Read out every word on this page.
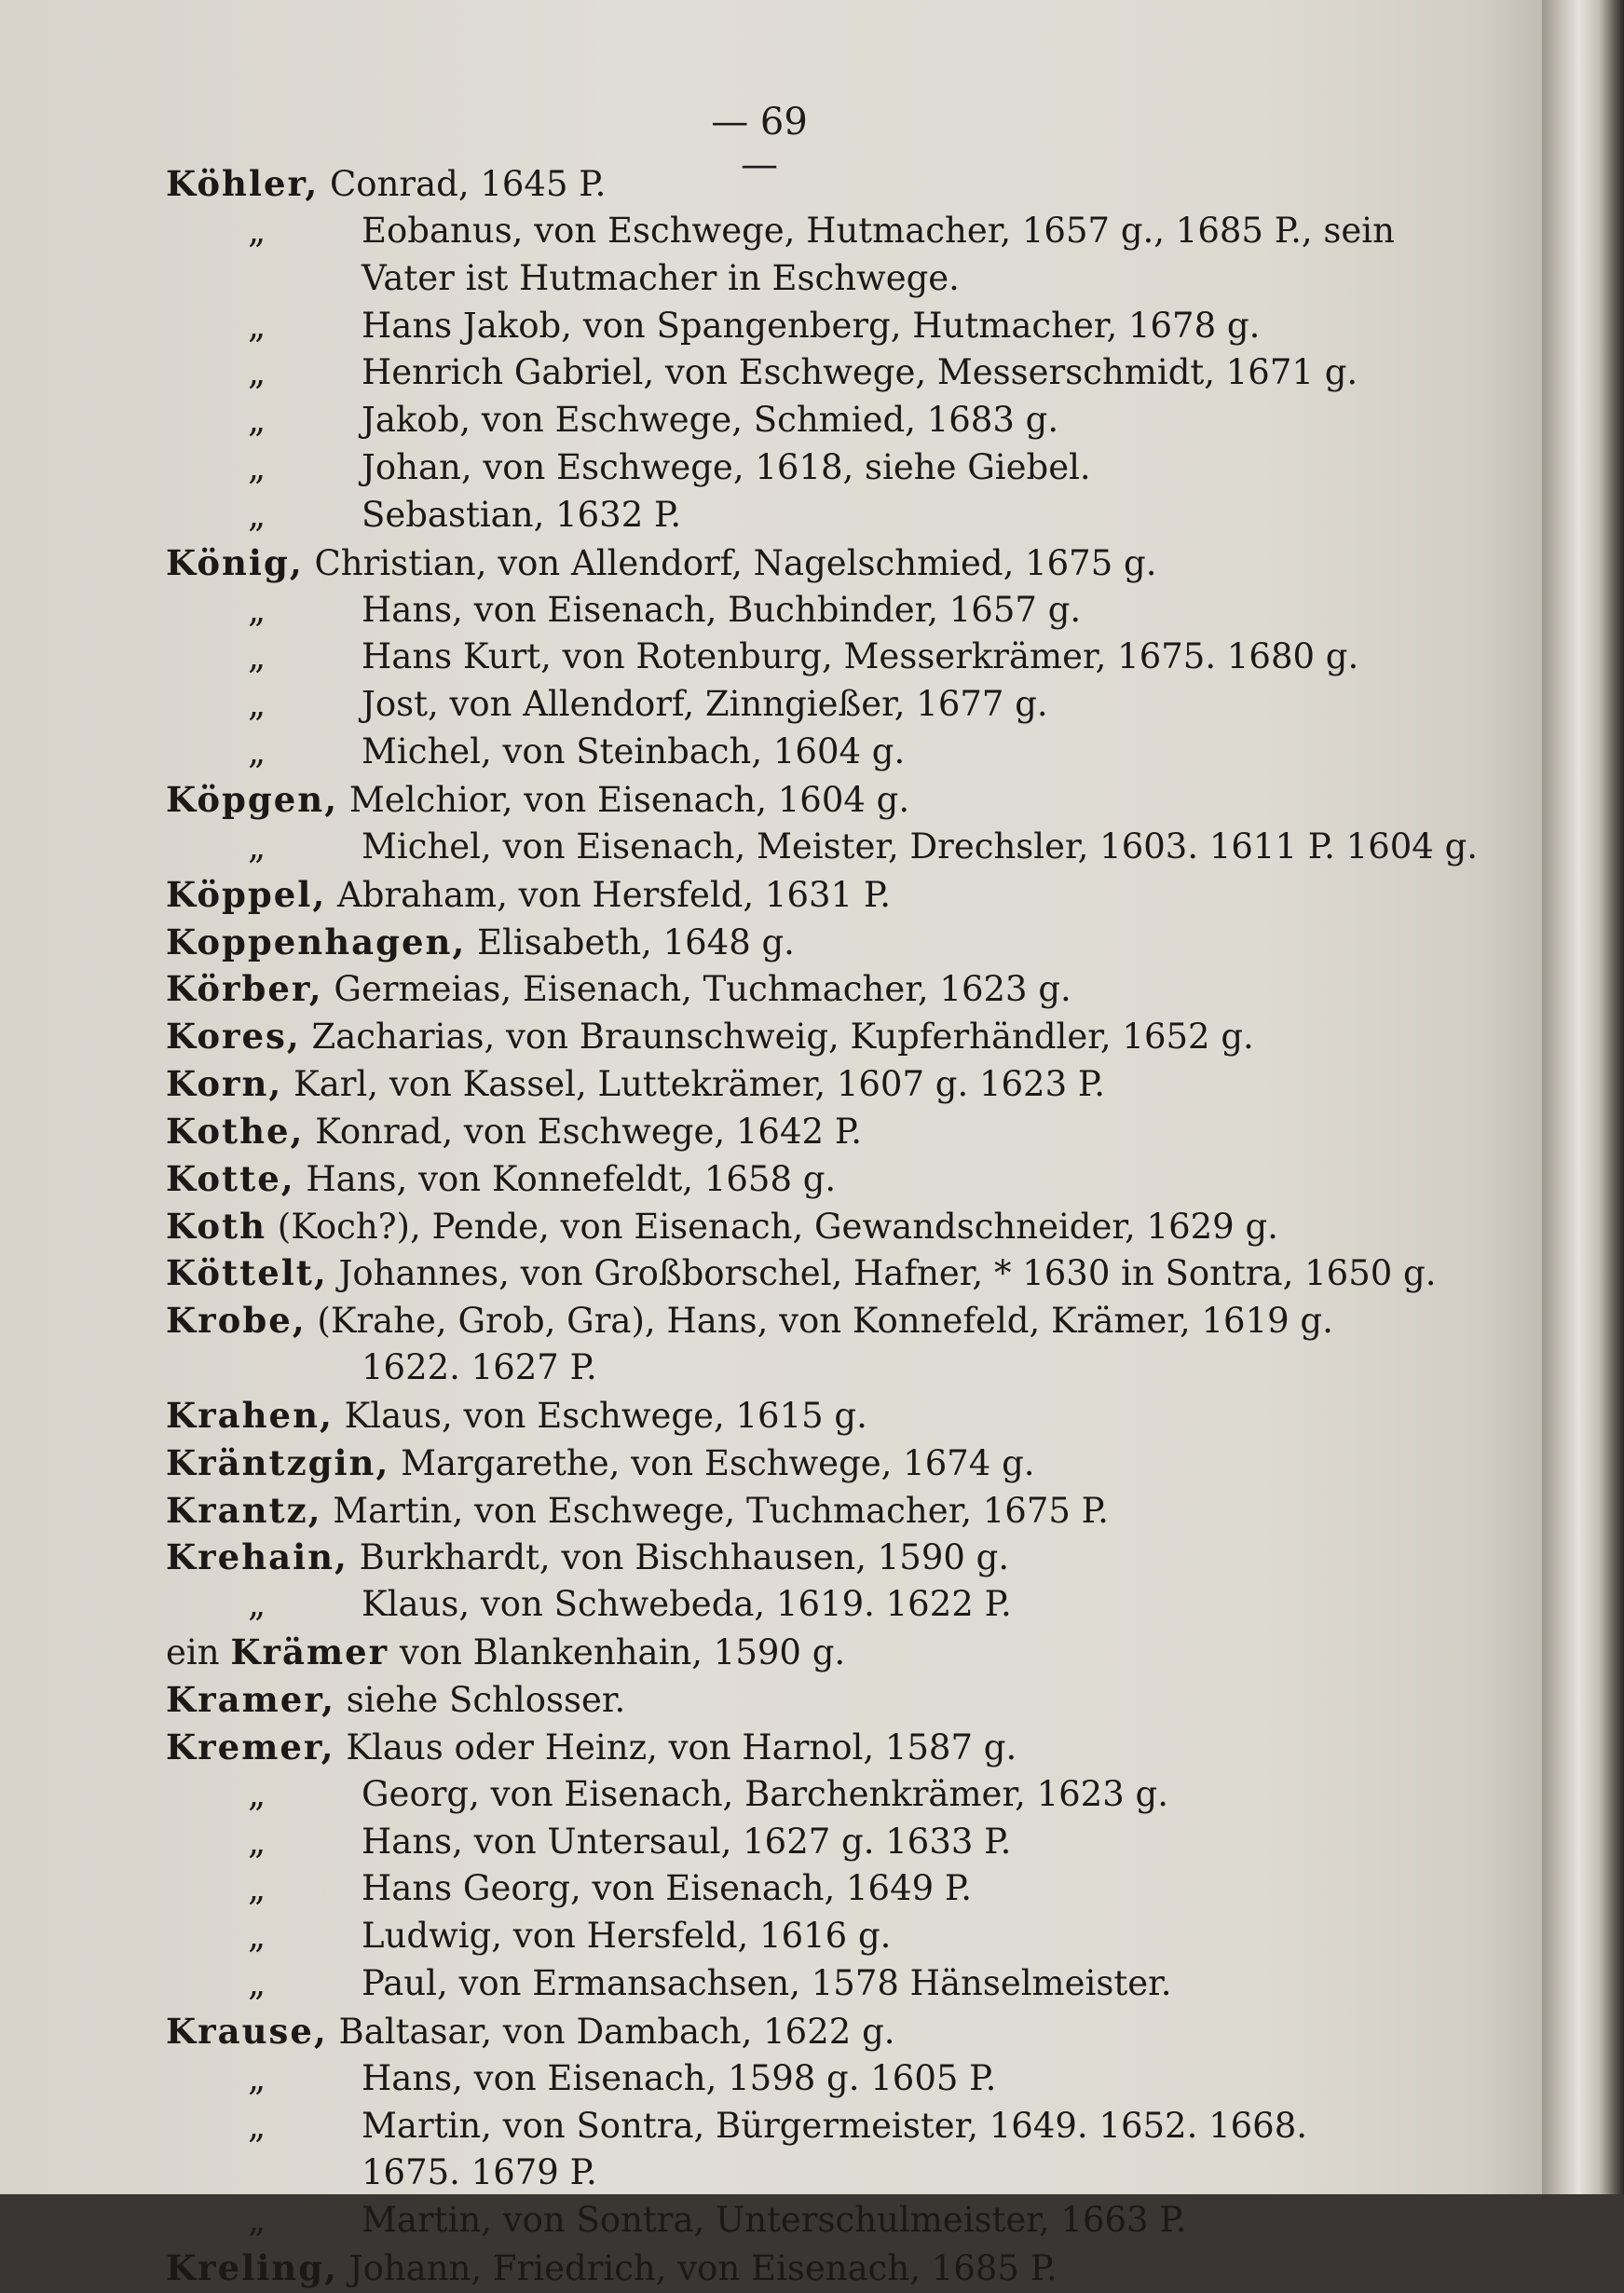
— 69 —
Köhler, Conrad, 1645 P.
„	Eobanus, von Eschwege, Hutmacher, 1657 g., 1685 P., sein
Vater ist Hutmacher in Eschwege.
„	Hans Jakob, von Spangenberg, Hutmacher, 1678 g.
„	Henrich Gabriel, von Eschwege, Messerschmidt, 1671 g.
„	Jakob, von Eschwege, Schmied, 1683 g.
„	Johan, von Eschwege, 1618, siehe Giebel.
„	Sebastian, 1632 P.
König, Christian, von Allendorf, Nagelschmied, 1675 g.
„	Hans, von Eisenach, Buchbinder, 1657 g.
„	Hans Kurt, von Rotenburg, Messerkrämer, 1675. 1680 g.
„	Jost, von Allendorf, Zinngießer, 1677 g.
„	Michel, von Steinbach, 1604 g.
Köpgen, Melchior, von Eisenach, 1604 g.
„	Michel, von Eisenach, Meister, Drechsler, 1603. 1611 P. 1604 g.
Köppel, Abraham, von Hersfeld, 1631 P.
Koppenhagen, Elisabeth, 1648 g.
Körber, Germeias, Eisenach, Tuchmacher, 1623 g.
Kores, Zacharias, von Braunschweig, Kupferhändler, 1652 g.
Korn, Karl, von Kassel, Luttekrämer, 1607 g. 1623 P.
Kothe, Konrad, von Eschwege, 1642 P.
Kotte, Hans, von Konnefeldt, 1658 g.
Koth (Koch?), Pende, von Eisenach, Gewandschneider, 1629 g.
Köttelt, Johannes, von Großborschel, Hafner, * 1630 in Sontra, 1650 g.
Krobe, (Krahe, Grob, Gra), Hans, von Konnefeld, Krämer, 1619 g.
1622. 1627 P.
Krahen, Klaus, von Eschwege, 1615 g.
Kräntzgin, Margarethe, von Eschwege, 1674 g.
Krantz, Martin, von Eschwege, Tuchmacher, 1675 P.
Krehain, Burkhardt, von Bischhausen, 1590 g.
„	Klaus, von Schwebeda, 1619. 1622 P.
ein Krämer von Blankenhain, 1590 g.
Kramer, siehe Schlosser.
Kremer, Klaus oder Heinz, von Harnol, 1587 g.
„	Georg, von Eisenach, Barchenkrämer, 1623 g.
„	Hans, von Untersaul, 1627 g. 1633 P.
„	Hans Georg, von Eisenach, 1649 P.
„	Ludwig, von Hersfeld, 1616 g.
„	Paul, von Ermansachsen, 1578 Hänselmeister.
Krause, Baltasar, von Dambach, 1622 g.
„	Hans, von Eisenach, 1598 g. 1605 P.
„	Martin, von Sontra, Bürgermeister, 1649. 1652. 1668.
1675. 1679 P.
„	Martin, von Sontra, Unterschulmeister, 1663 P.
Kreling, Johann, Friedrich, von Eisenach, 1685 P.
